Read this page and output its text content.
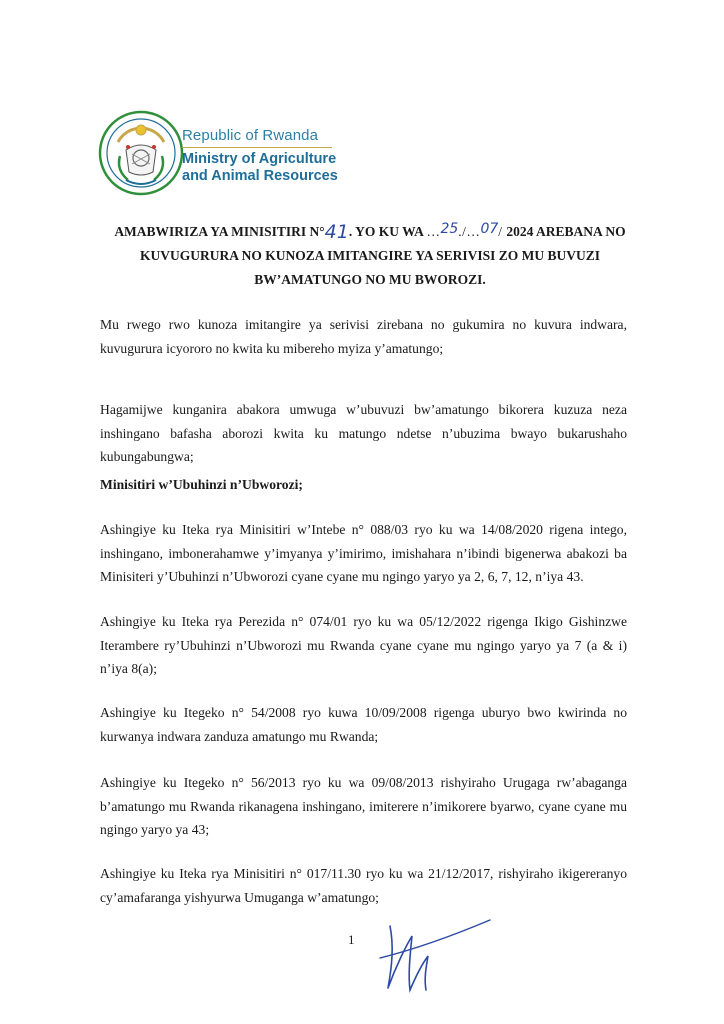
Republic of Rwanda
Ministry of Agriculture
and Animal Resources
AMABWIRIZA YA MINISITIRI N°41. YO KU WA …25./…07/ 2024 AREBANA NO KUVUGURURA NO KUNOZA IMITANGIRE YA SERIVISI ZO MU BUVUZI BW’AMATUNGO NO MU BWOROZI.
Mu rwego rwo kunoza imitangire ya serivisi zirebana no gukumira no kuvura indwara, kuvugurura icyororo no kwita ku mibereho myiza y’amatungo;
Hagamijwe kunganira abakora umwuga w’ubuvuzi bw’amatungo bikorera kuzuza neza inshingano bafasha aborozi kwita ku matungo ndetse n’ubuzima bwayo bukarushaho kubungabungwa;
Minisitiri w’Ubuhinzi n’Ubworozi;
Ashingiye ku Iteka rya Minisitiri w’Intebe n° 088/03 ryo ku wa 14/08/2020 rigena intego, inshingano, imbonerahamwe y’imyanya y’imirimo, imishahara n’ibindi bigenerwa abakozi ba Minisiteri y’Ubuhinzi n’Ubworozi cyane cyane mu ngingo yaryo ya 2, 6, 7, 12, n’iya 43.
Ashingiye ku Iteka rya Perezida n° 074/01 ryo ku wa 05/12/2022 rigenga Ikigo Gishinzwe Iterambere ry’Ubuhinzi n’Ubworozi mu Rwanda cyane cyane mu ngingo yaryo ya 7 (a & i) n’iya 8(a);
Ashingiye ku Itegeko n° 54/2008 ryo kuwa 10/09/2008 rigenga uburyo bwo kwirinda no kurwanya indwara zanduza amatungo mu Rwanda;
Ashingiye ku Itegeko n° 56/2013 ryo ku wa 09/08/2013 rishyiraho Urugaga rw’abaganga b’amatungo mu Rwanda rikanagena inshingano, imiterere n’imikorere byarwo, cyane cyane mu ngingo yaryo ya 43;
Ashingiye ku Iteka rya Minisitiri n° 017/11.30 ryo ku wa 21/12/2017, rishyiraho ikigereranyo cy’amafaranga yishyurwa Umuganga w’amatungo;
1
